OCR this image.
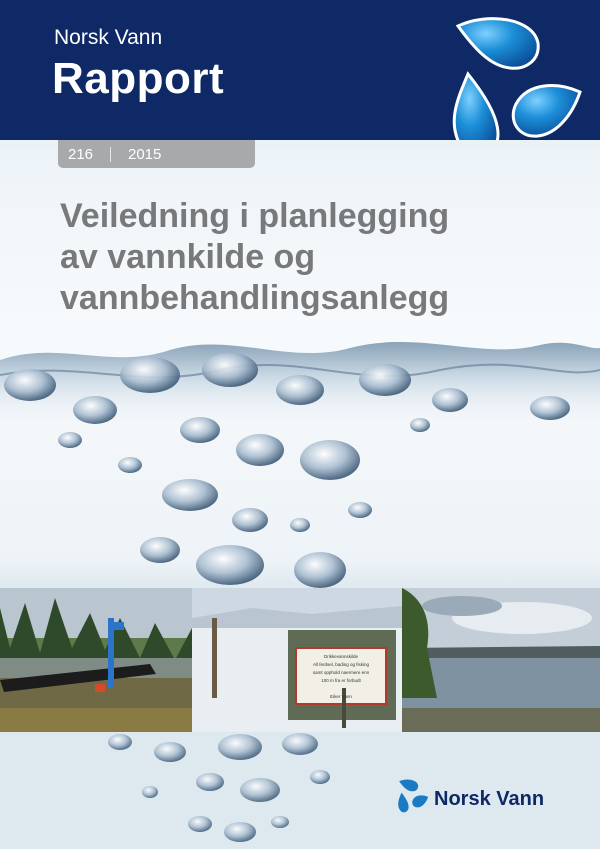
Norsk Vann
Rapport
216 2015
Veiledning i planlegging
av vannkilde og
vannbehandlingsanlegg
Drikkevannskilde
All ferdsel, bading og fisking
samt opphold naermere enn
100 m fra er forbudt
Eiker Vann
Norsk Vann
